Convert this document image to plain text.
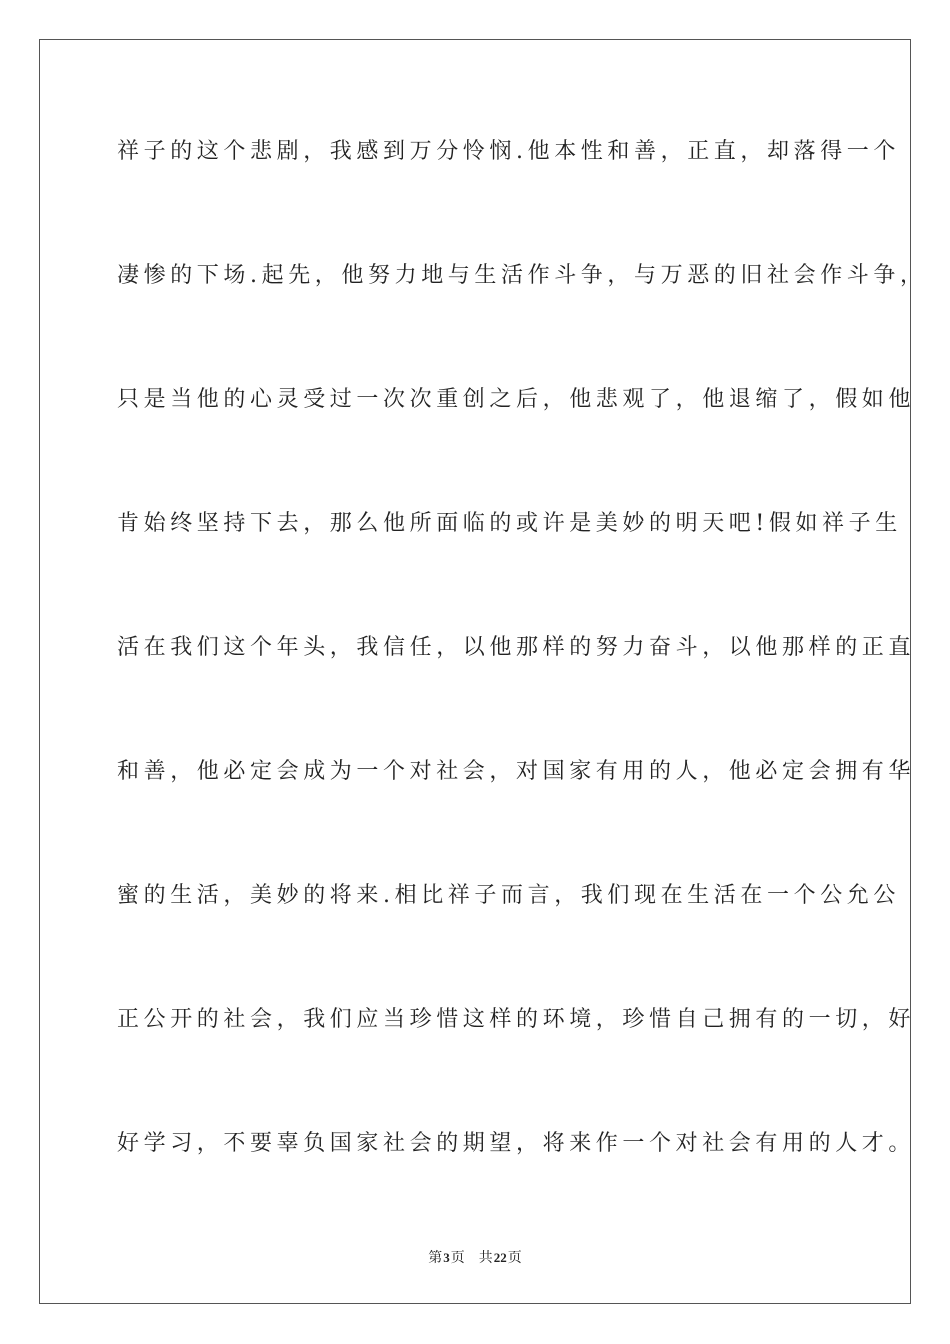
祥子的这个悲剧，我感到万分怜悯.他本性和善，正直，却落得一个
凄惨的下场.起先，他努力地与生活作斗争，与万恶的旧社会作斗争，
只是当他的心灵受过一次次重创之后，他悲观了，他退缩了，假如他
肯始终坚持下去，那么他所面临的或许是美妙的明天吧!假如祥子生
活在我们这个年头，我信任，以他那样的努力奋斗，以他那样的正直
和善，他必定会成为一个对社会，对国家有用的人，他必定会拥有华
蜜的生活，美妙的将来.相比祥子而言，我们现在生活在一个公允公
正公开的社会，我们应当珍惜这样的环境，珍惜自己拥有的一切，好
好学习，不要辜负国家社会的期望，将来作一个对社会有用的人才。
第3页 共22页
